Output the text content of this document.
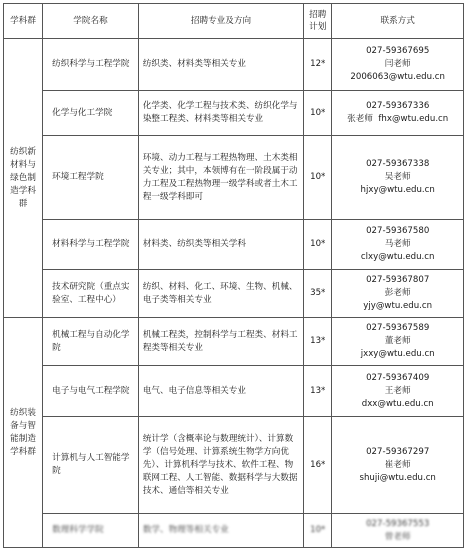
学科群	学院名称	招聘专业及方向	招聘计划	联系方式
纺织新材料与绿色制造学科群	纺织科学与工程学院	纺织类、材料类等相关专业	12*	027-59367695
闫老师
2006063@wtu.edu.cn

	化学与化工学院	化学类、化学工程与技术类、纺织化学与染整工程类、材料类等相关专业	10*	027-59367336
张老师 fhx@wtu.edu.cn

	环境工程学院	环境、动力工程与工程热物理、土木类相关专业；其中，本领博有在一阶段属于动力工程及工程热物理一级学科或者土木工程一级学科即可	10*	027-59367338
吴老师
hjxy@wtu.edu.cn

	材料科学与工程学院	材料类、纺织类等相关学科	10*	027-59367580
马老师
clxy@wtu.edu.cn

	技术研究院（重点实验室、工程中心）	纺织、材料、化工、环境、生物、机械、电子类等相关专业	35*	027-59367807
彭老师
yjy@wtu.edu.cn

纺织装备与智能制造学科群	机械工程与自动化学院	机械工程类，控制科学与工程类、材料工程类等相关专业	13*	027-59367589
董老师
jxxy@wtu.edu.cn

	电子与电气工程学院	电气、电子信息等相关专业	13*	027-59367409
王老师
dxx@wtu.edu.cn

	计算机与人工智能学院	统计学（含概率论与数理统计）、计算数学（信号处理、计算系统生物学方向优先）、计算机科学与技术、软件工程、物联网工程、人工智能、数据科学与大数据技术、通信等相关专业	16*	027-59367297
崔老师
shuji@wtu.edu.cn

	数理科学学院	数学、物理等相关专业	10*	027-59367553
曾老师
